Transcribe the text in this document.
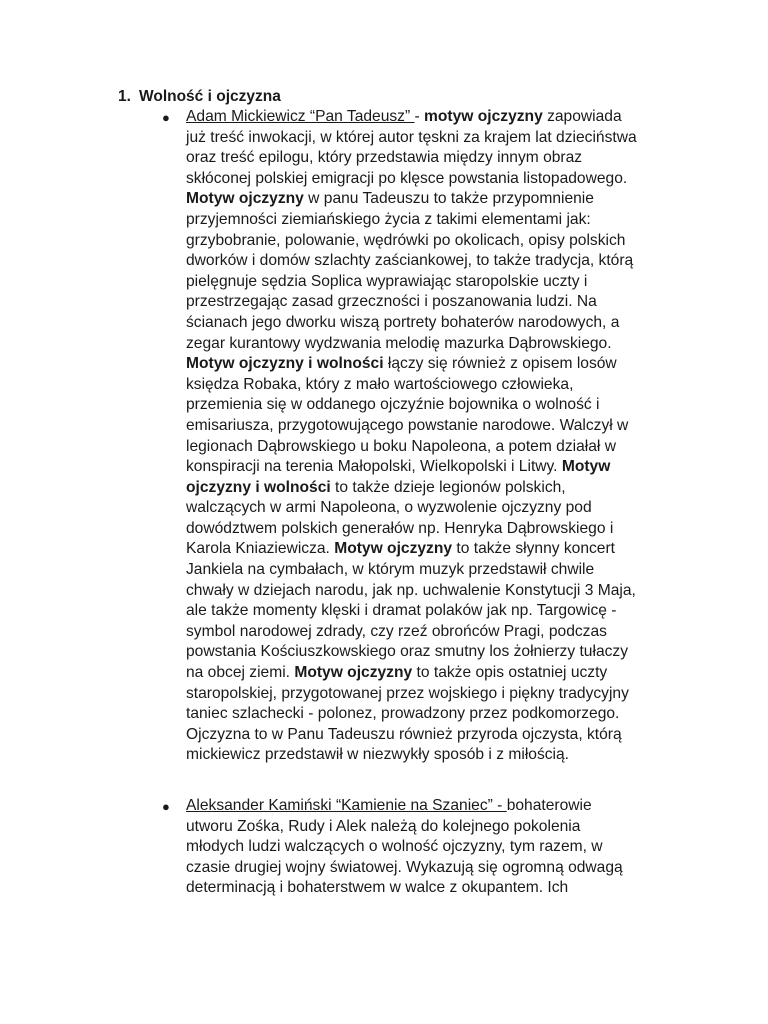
1. Wolność i ojczyzna
● Adam Mickiewicz “Pan Tadeusz” - motyw ojczyzny zapowiada
już treść inwokacji, w której autor tęskni za krajem lat dzieciństwa
oraz treść epilogu, który przedstawia między innym obraz
skłóconej polskiej emigracji po klęsce powstania listopadowego.
Motyw ojczyzny w panu Tadeuszu to także przypomnienie
przyjemności ziemiańskiego życia z takimi elementami jak:
grzybobranie, polowanie, wędrówki po okolicach, opisy polskich
dworków i domów szlachty zaściankowej, to także tradycja, którą
pielęgnuje sędzia Soplica wyprawiając staropolskie uczty i
przestrzegając zasad grzeczności i poszanowania ludzi. Na
ścianach jego dworku wiszą portrety bohaterów narodowych, a
zegar kurantowy wydzwania melodię mazurka Dąbrowskiego.
Motyw ojczyzny i wolności łączy się również z opisem losów
księdza Robaka, który z mało wartościowego człowieka,
przemienia się w oddanego ojczyźnie bojownika o wolność i
emisariusza, przygotowującego powstanie narodowe. Walczył w
legionach Dąbrowskiego u boku Napoleona, a potem działał w
konspiracji na terenia Małopolski, Wielkopolski i Litwy. Motyw
ojczyzny i wolności to także dzieje legionów polskich,
walczących w armi Napoleona, o wyzwolenie ojczyzny pod
dowództwem polskich generałów np. Henryka Dąbrowskiego i
Karola Kniaziewicza. Motyw ojczyzny to także słynny koncert
Jankiela na cymbałach, w którym muzyk przedstawił chwile
chwały w dziejach narodu, jak np. uchwalenie Konstytucji 3 Maja,
ale także momenty klęski i dramat polaków jak np. Targowicę -
symbol narodowej zdrady, czy rzeź obrońców Pragi, podczas
powstania Kościuszkowskiego oraz smutny los żołnierzy tułaczy
na obcej ziemi. Motyw ojczyzny to także opis ostatniej uczty
staropolskiej, przygotowanej przez wojskiego i piękny tradycyjny
taniec szlachecki - polonez, prowadzony przez podkomorzego.
Ojczyzna to w Panu Tadeuszu również przyroda ojczysta, którą
mickiewicz przedstawił w niezwykły sposób i z miłością.
● Aleksander Kamiński “Kamienie na Szaniec” - bohaterowie
utworu Zośka, Rudy i Alek należą do kolejnego pokolenia
młodych ludzi walczących o wolność ojczyzny, tym razem, w
czasie drugiej wojny światowej. Wykazują się ogromną odwagą
determinacją i bohaterstwem w walce z okupantem. Ich
